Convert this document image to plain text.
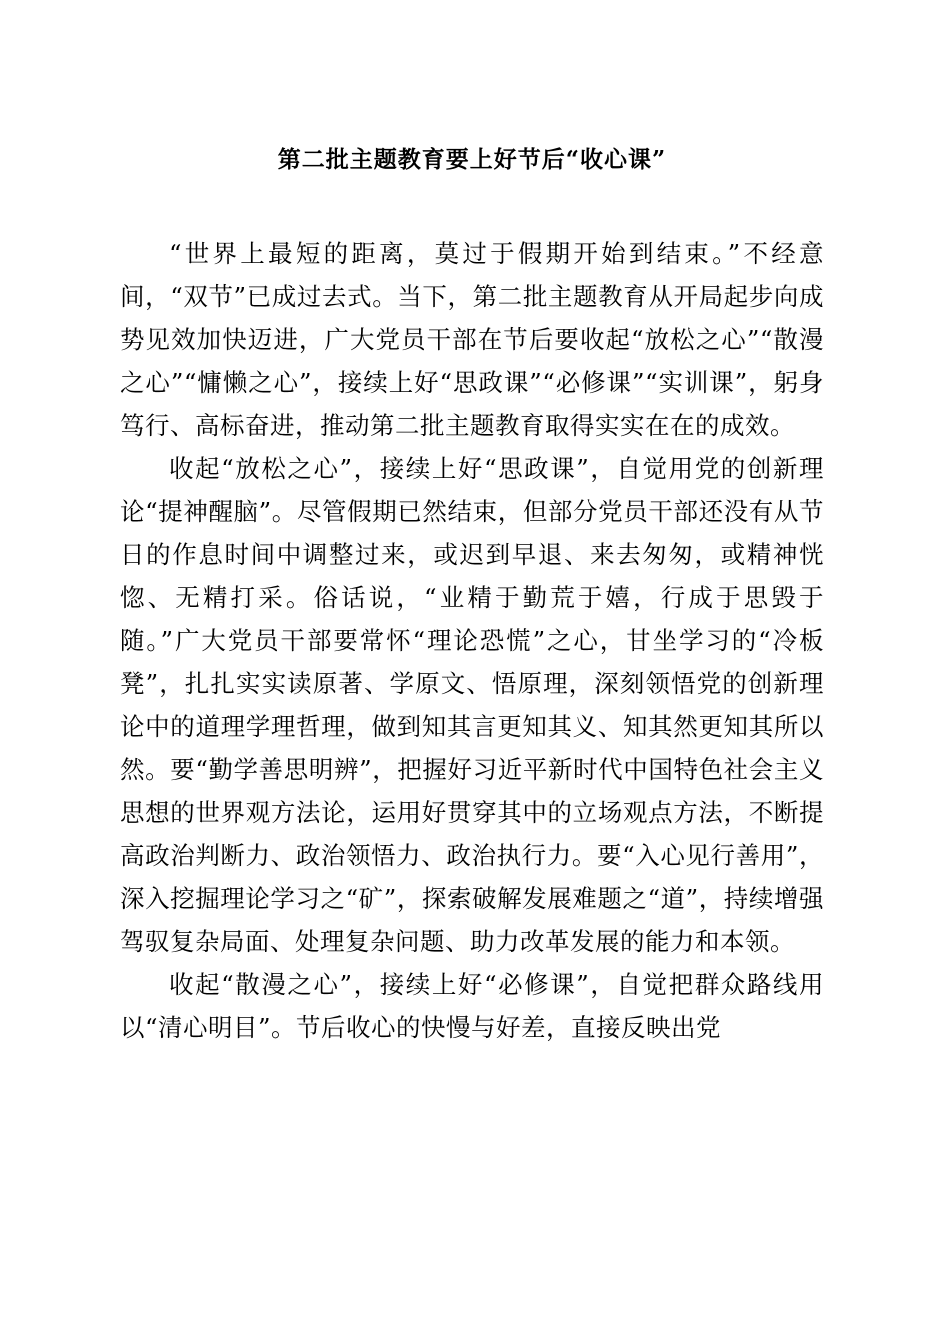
第二批主题教育要上好节后“收心课”

“世界上最短的距离，莫过于假期开始到结束。”不经意间，“双节”已成过去式。当下，第二批主题教育从开局起步向成势见效加快迈进，广大党员干部在节后要收起“放松之心”“散漫之心”“慵懒之心”，接续上好“思政课”“必修课”“实训课”，躬身笃行、高标奋进，推动第二批主题教育取得实实在在的成效。

收起“放松之心”，接续上好“思政课”，自觉用党的创新理论“提神醒脑”。尽管假期已然结束，但部分党员干部还没有从节日的作息时间中调整过来，或迟到早退、来去匆匆，或精神恍惚、无精打采。俗话说，“业精于勤荒于嬉，行成于思毁于随。”广大党员干部要常怀“理论恐慌”之心，甘坐学习的“冷板凳”，扎扎实实读原著、学原文、悟原理，深刻领悟党的创新理论中的道理学理哲理，做到知其言更知其义、知其然更知其所以然。要“勤学善思明辨”，把握好习近平新时代中国特色社会主义思想的世界观方法论，运用好贯穿其中的立场观点方法，不断提高政治判断力、政治领悟力、政治执行力。要“入心见行善用”，深入挖掘理论学习之“矿”，探索破解发展难题之“道”，持续增强驾驭复杂局面、处理复杂问题、助力改革发展的能力和本领。

收起“散漫之心”，接续上好“必修课”，自觉把群众路线用以“清心明目”。节后收心的快慢与好差，直接反映出党
